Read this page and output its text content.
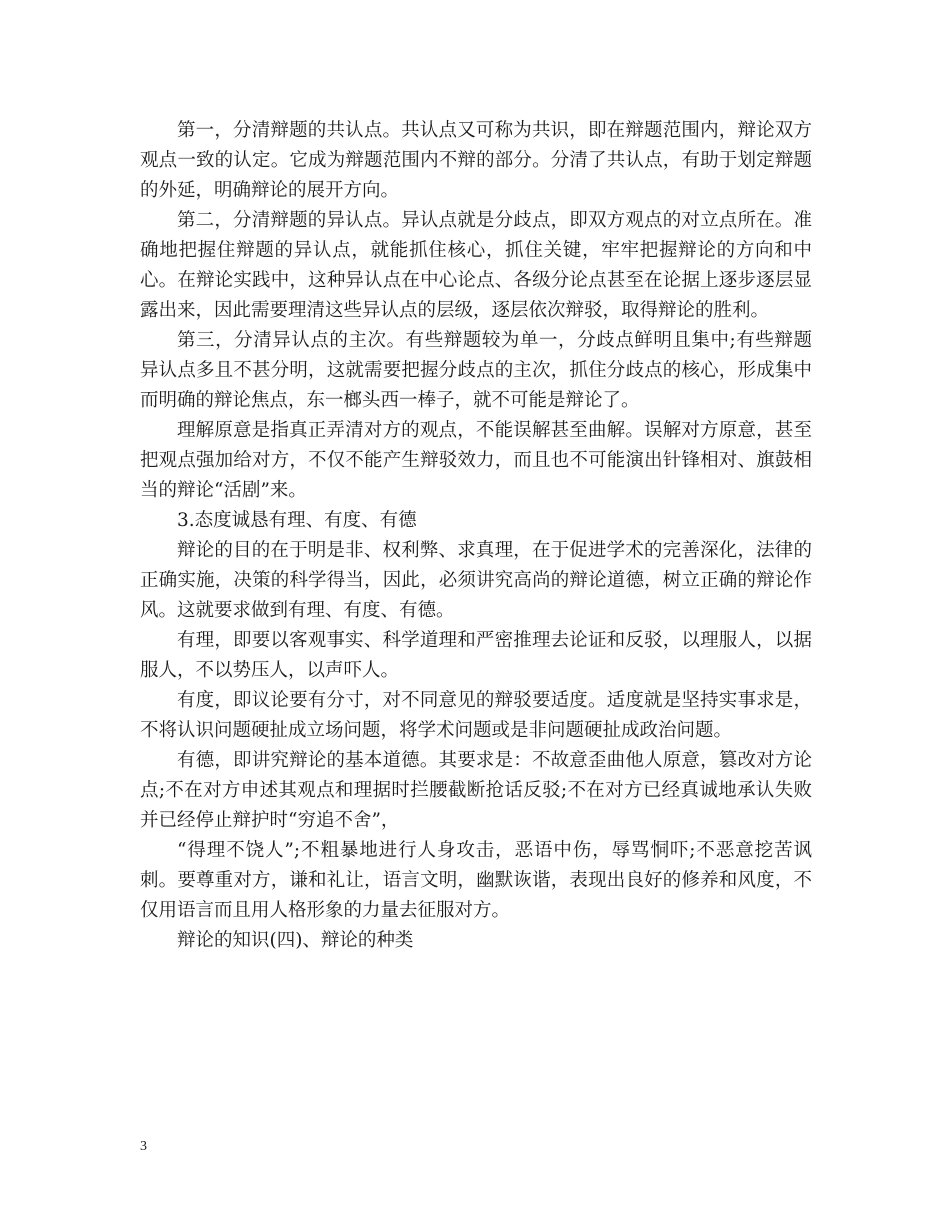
第一，分清辩题的共认点。共认点又可称为共识，即在辩题范围内，辩论双方观点一致的认定。它成为辩题范围内不辩的部分。分清了共认点，有助于划定辩题的外延，明确辩论的展开方向。

第二，分清辩题的异认点。异认点就是分歧点，即双方观点的对立点所在。准确地把握住辩题的异认点，就能抓住核心，抓住关键，牢牢把握辩论的方向和中心。在辩论实践中，这种异认点在中心论点、各级分论点甚至在论据上逐步逐层显露出来，因此需要理清这些异认点的层级，逐层依次辩驳，取得辩论的胜利。

第三，分清异认点的主次。有些辩题较为单一，分歧点鲜明且集中;有些辩题异认点多且不甚分明，这就需要把握分歧点的主次，抓住分歧点的核心，形成集中而明确的辩论焦点，东一榔头西一棒子，就不可能是辩论了。

理解原意是指真正弄清对方的观点，不能误解甚至曲解。误解对方原意，甚至把观点强加给对方，不仅不能产生辩驳效力，而且也不可能演出针锋相对、旗鼓相当的辩论“活剧”来。

3.态度诚恳有理、有度、有德

辩论的目的在于明是非、权利弊、求真理，在于促进学术的完善深化，法律的正确实施，决策的科学得当，因此，必须讲究高尚的辩论道德，树立正确的辩论作风。这就要求做到有理、有度、有德。

有理，即要以客观事实、科学道理和严密推理去论证和反驳，以理服人，以据服人，不以势压人，以声吓人。

有度，即议论要有分寸，对不同意见的辩驳要适度。适度就是坚持实事求是，不将认识问题硬扯成立场问题，将学术问题或是非问题硬扯成政治问题。

有德，即讲究辩论的基本道德。其要求是：不故意歪曲他人原意，篡改对方论点;不在对方申述其观点和理据时拦腰截断抢话反驳;不在对方已经真诚地承认失败并已经停止辩护时“穷追不舍”，

“得理不饶人”;不粗暴地进行人身攻击，恶语中伤，辱骂恫吓;不恶意挖苦讽刺。要尊重对方，谦和礼让，语言文明，幽默诙谐，表现出良好的修养和风度，不仅用语言而且用人格形象的力量去征服对方。

辩论的知识(四)、辩论的种类

3
